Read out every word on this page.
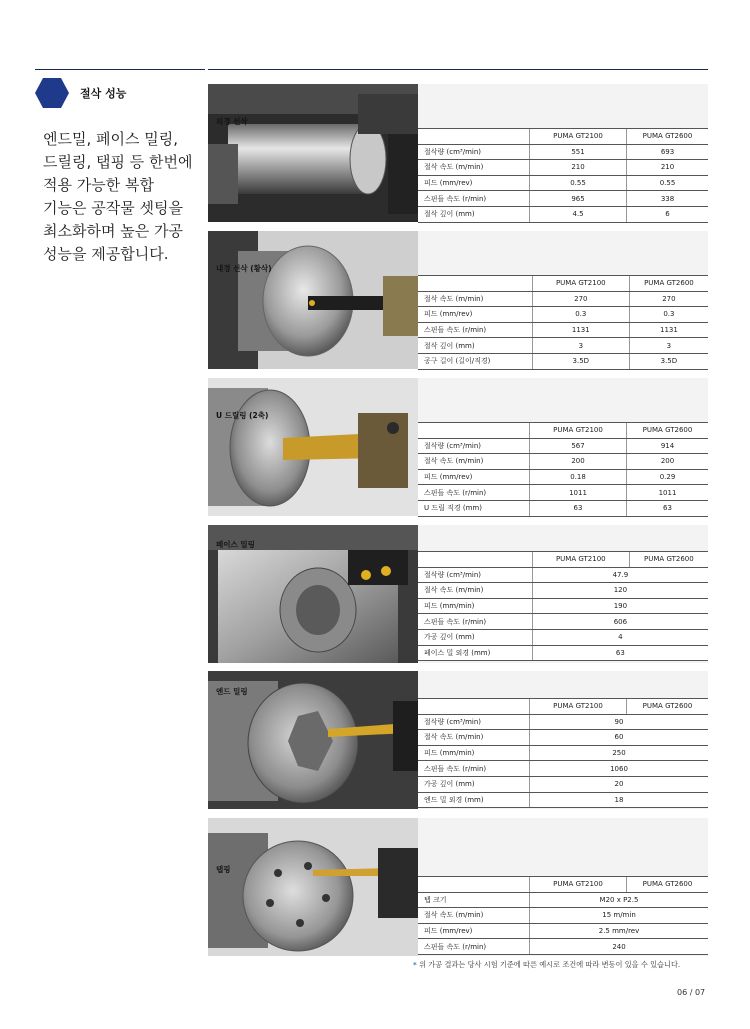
절삭 성능
엔드밀, 페이스 밀링,
드릴링, 탭핑 등 한번에
적용 가능한 복합
기능은 공작물 셋팅을
최소화하며 높은 가공
성능을 제공합니다.
외경 선삭
	PUMA GT2100	PUMA GT2600
절삭량 (cm³/min)	551	693
절삭 속도 (m/min)	210	210
피드 (mm/rev)	0.55	0.55
스핀들 속도 (r/min)	965	338
절삭 깊이 (mm)	4.5	6
내경 선삭 (황삭)
	PUMA GT2100	PUMA GT2600
절삭 속도 (m/min)	270	270
피드 (mm/rev)	0.3	0.3
스핀들 속도 (r/min)	1131	1131
절삭 깊이 (mm)	3	3
공구 길이 (길이/직경)	3.5D	3.5D
U 드릴링 (2축)
	PUMA GT2100	PUMA GT2600
절삭량 (cm³/min)	567	914
절삭 속도 (m/min)	200	200
피드 (mm/rev)	0.18	0.29
스핀들 속도 (r/min)	1011	1011
U 드릴 직경 (mm)	63	63
페이스 밀링
	PUMA GT2100	PUMA GT2600
절삭량 (cm³/min)	47.9	
절삭 속도 (m/min)	120	
피드 (mm/min)	190	
스핀들 속도 (r/min)	606	
가공 깊이 (mm)	4	
페이스 밀 외경 (mm)	63	
엔드 밀링
	PUMA GT2100	PUMA GT2600
절삭량 (cm³/min)	90	
절삭 속도 (m/min)	60	
피드 (mm/min)	250	
스핀들 속도 (r/min)	1060	
가공 깊이 (mm)	20	
엔드 밀 외경 (mm)	18	
탭핑
	PUMA GT2100	PUMA GT2600
탭 크기	M20 x P2.5	
절삭 속도 (m/min)	15 m/min	
피드 (mm/rev)	2.5 mm/rev	
스핀들 속도 (r/min)	240	
* 위 가공 결과는 당사 시험 기준에 따른 예시로 조건에 따라 변동이 있을 수 있습니다.
06 / 07
